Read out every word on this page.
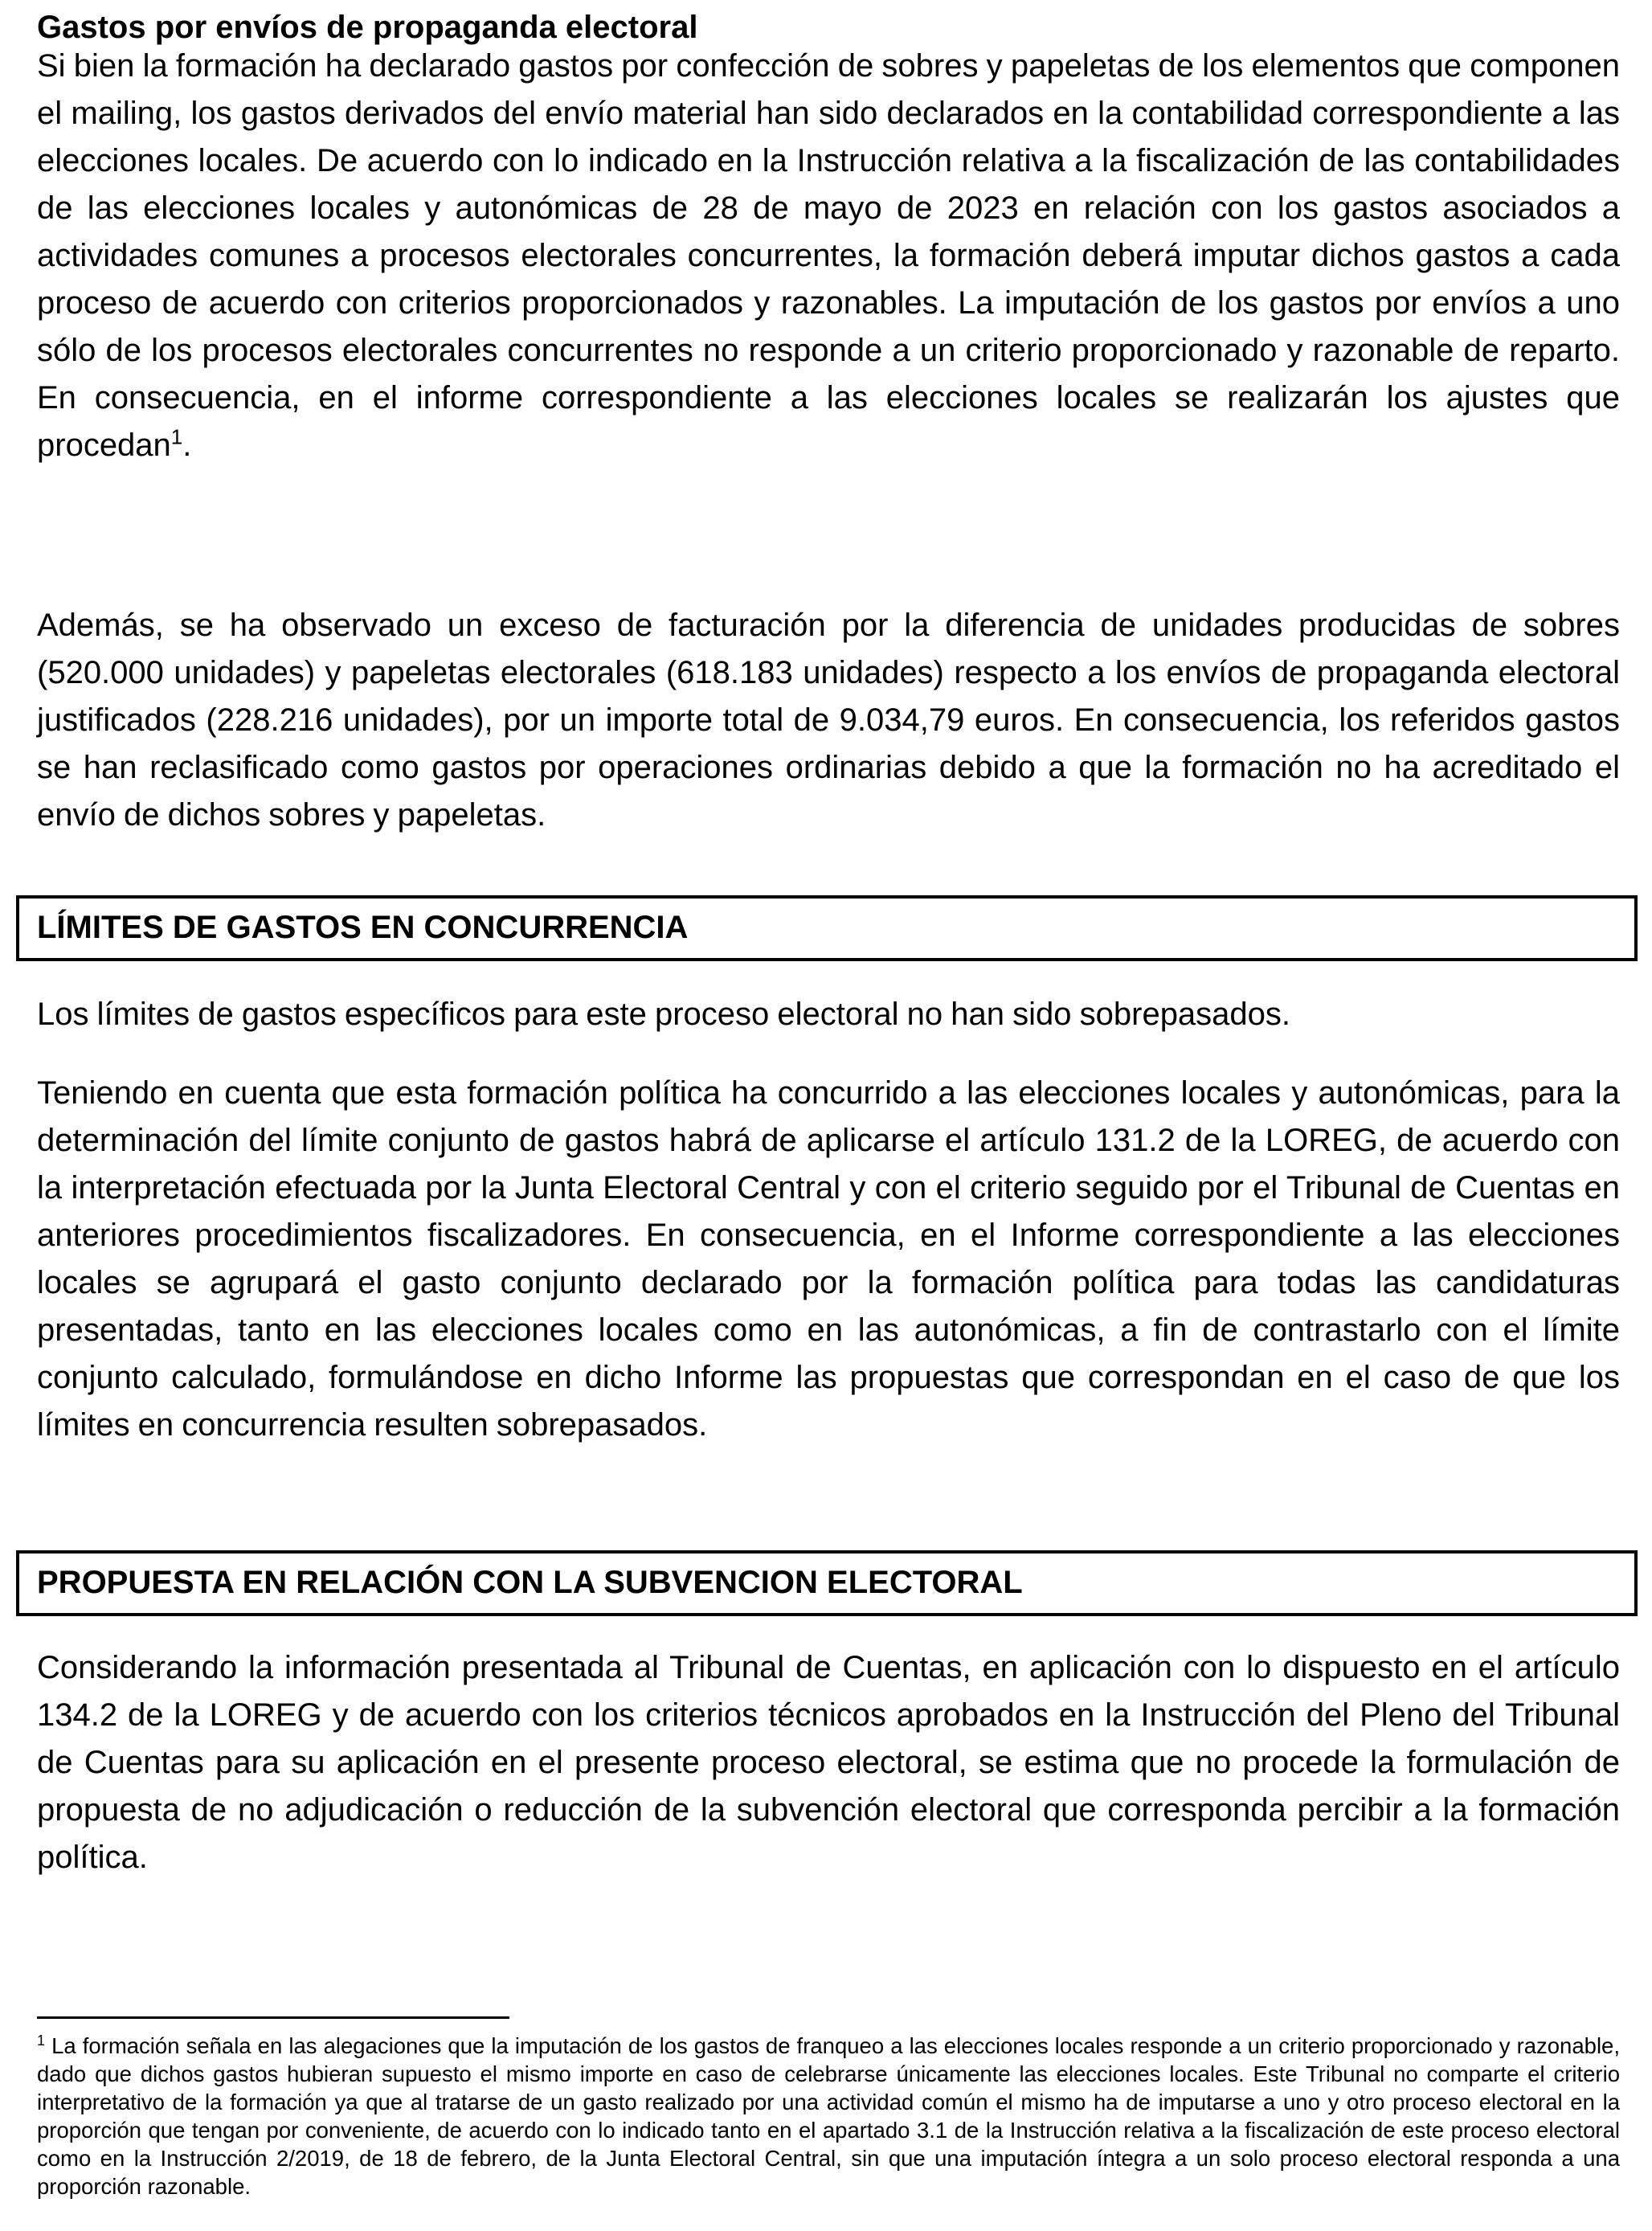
Gastos por envíos de propaganda electoral

Si bien la formación ha declarado gastos por confección de sobres y papeletas de los elementos que componen el mailing, los gastos derivados del envío material han sido declarados en la contabilidad correspondiente a las elecciones locales. De acuerdo con lo indicado en la Instrucción relativa a la fiscalización de las contabilidades de las elecciones locales y autonómicas de 28 de mayo de 2023 en relación con los gastos asociados a actividades comunes a procesos electorales concurrentes, la formación deberá imputar dichos gastos a cada proceso de acuerdo con criterios proporcionados y razonables. La imputación de los gastos por envíos a uno sólo de los procesos electorales concurrentes no responde a un criterio proporcionado y razonable de reparto. En consecuencia, en el informe correspondiente a las elecciones locales se realizarán los ajustes que procedan$^1$.

Además, se ha observado un exceso de facturación por la diferencia de unidades producidas de sobres (520.000 unidades) y papeletas electorales (618.183 unidades) respecto a los envíos de propaganda electoral justificados (228.216 unidades), por un importe total de 9.034,79 euros. En consecuencia, los referidos gastos se han reclasificado como gastos por operaciones ordinarias debido a que la formación no ha acreditado el envío de dichos sobres y papeletas.

LÍMITES DE GASTOS EN CONCURRENCIA

Los límites de gastos específicos para este proceso electoral no han sido sobrepasados.

Teniendo en cuenta que esta formación política ha concurrido a las elecciones locales y autonómicas, para la determinación del límite conjunto de gastos habrá de aplicarse el artículo 131.2 de la LOREG, de acuerdo con la interpretación efectuada por la Junta Electoral Central y con el criterio seguido por el Tribunal de Cuentas en anteriores procedimientos fiscalizadores. En consecuencia, en el Informe correspondiente a las elecciones locales se agrupará el gasto conjunto declarado por la formación política para todas las candidaturas presentadas, tanto en las elecciones locales como en las autonómicas, a fin de contrastarlo con el límite conjunto calculado, formulándose en dicho Informe las propuestas que correspondan en el caso de que los límites en concurrencia resulten sobrepasados.

PROPUESTA EN RELACIÓN CON LA SUBVENCION ELECTORAL

Considerando la información presentada al Tribunal de Cuentas, en aplicación con lo dispuesto en el artículo 134.2 de la LOREG y de acuerdo con los criterios técnicos aprobados en la Instrucción del Pleno del Tribunal de Cuentas para su aplicación en el presente proceso electoral, se estima que no procede la formulación de propuesta de no adjudicación o reducción de la subvención electoral que corresponda percibir a la formación política.

$^1$ La formación señala en las alegaciones que la imputación de los gastos de franqueo a las elecciones locales responde a un criterio proporcionado y razonable, dado que dichos gastos hubieran supuesto el mismo importe en caso de celebrarse únicamente las elecciones locales. Este Tribunal no comparte el criterio interpretativo de la formación ya que al tratarse de un gasto realizado por una actividad común el mismo ha de imputarse a uno y otro proceso electoral en la proporción que tengan por conveniente, de acuerdo con lo indicado tanto en el apartado 3.1 de la Instrucción relativa a la fiscalización de este proceso electoral como en la Instrucción 2/2019, de 18 de febrero, de la Junta Electoral Central, sin que una imputación íntegra a un solo proceso electoral responda a una proporción razonable.
